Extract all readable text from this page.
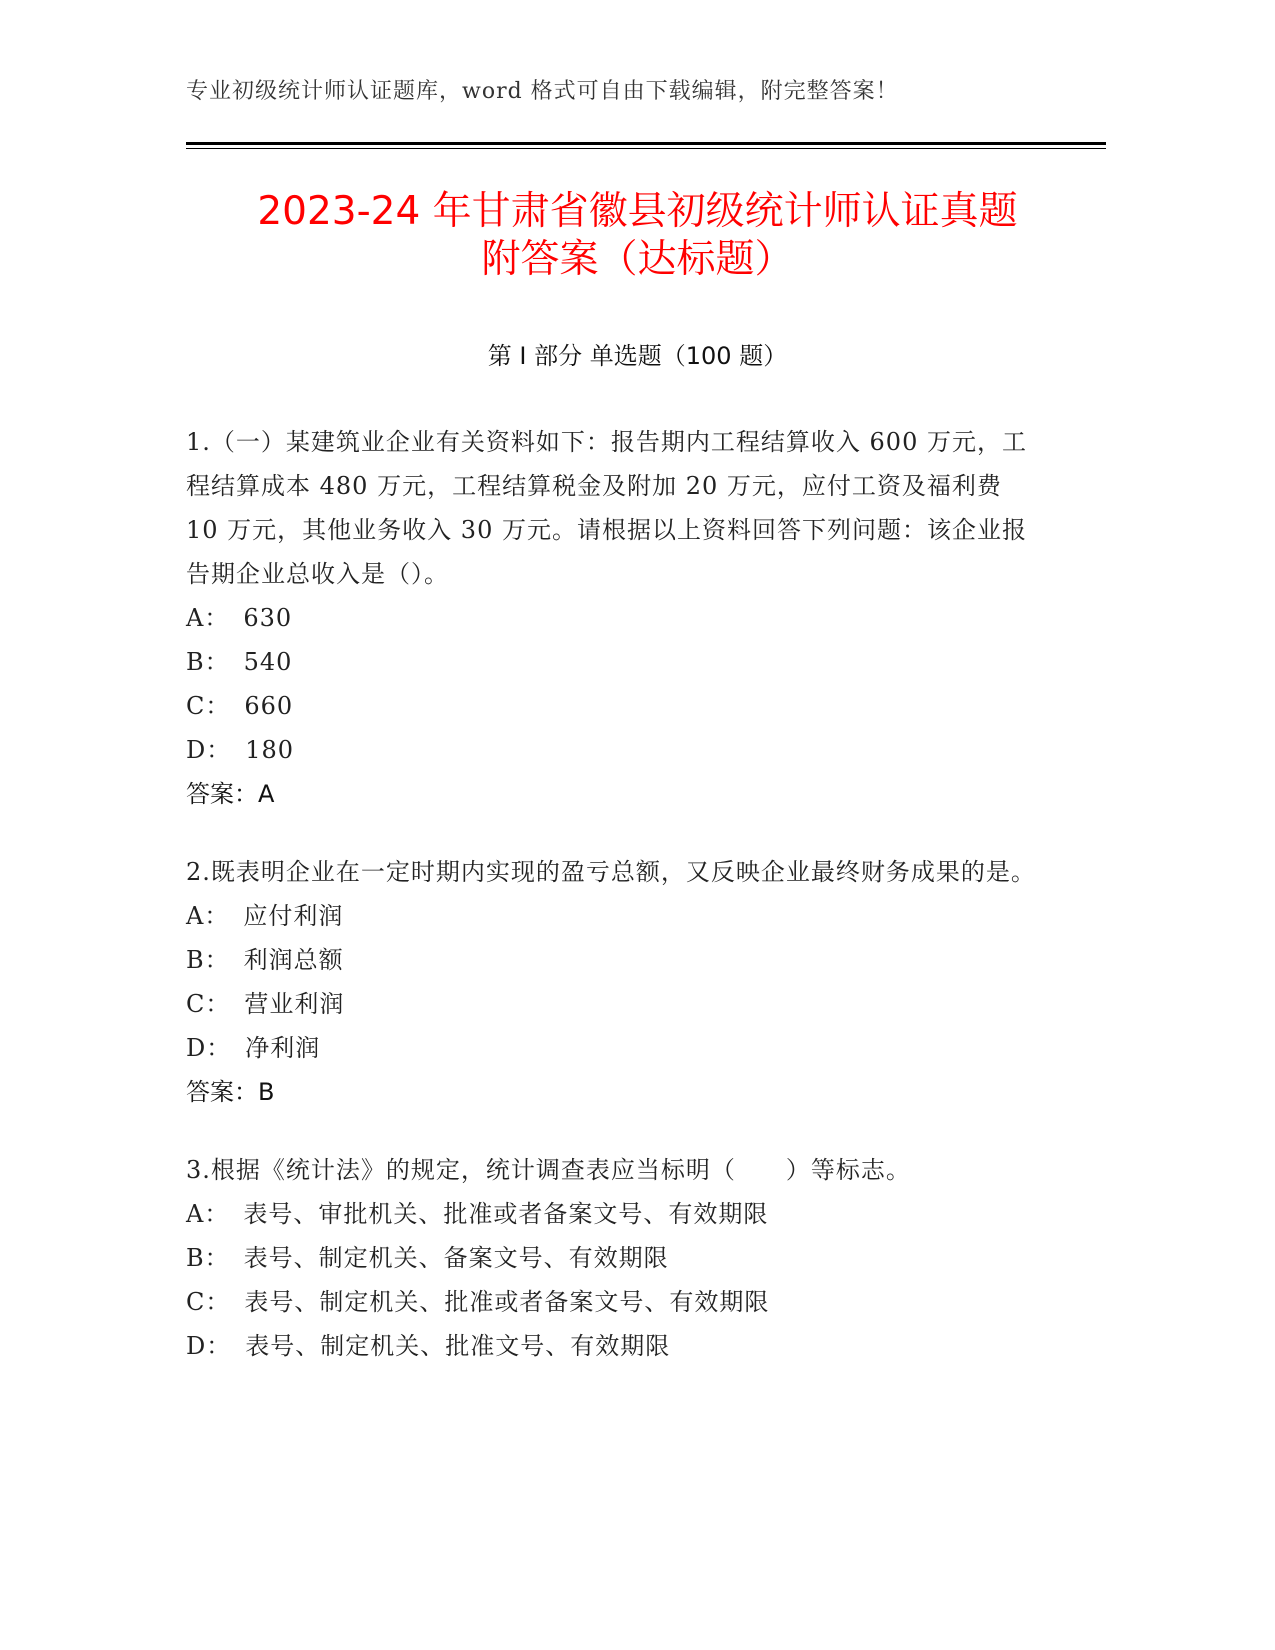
专业初级统计师认证题库，word 格式可自由下载编辑，附完整答案！
2023-24 年甘肃省徽县初级统计师认证真题
附答案（达标题）
第 I 部分 单选题（100 题）

1.（一）某建筑业企业有关资料如下：报告期内工程结算收入 600 万元，工程结算成本 480 万元，工程结算税金及附加 20 万元，应付工资及福利费 10 万元，其他业务收入 30 万元。请根据以上资料回答下列问题：该企业报告期企业总收入是（）。

A： 630
B： 540
C： 660
D： 180
答案：A

2.既表明企业在一定时期内实现的盈亏总额，又反映企业最终财务成果的是。

A： 应付利润
B： 利润总额
C： 营业利润
D： 净利润
答案：B

3.根据《统计法》的规定，统计调查表应当标明（　　）等标志。

A： 表号、审批机关、批准或者备案文号、有效期限
B： 表号、制定机关、备案文号、有效期限
C： 表号、制定机关、批准或者备案文号、有效期限
D： 表号、制定机关、批准文号、有效期限
